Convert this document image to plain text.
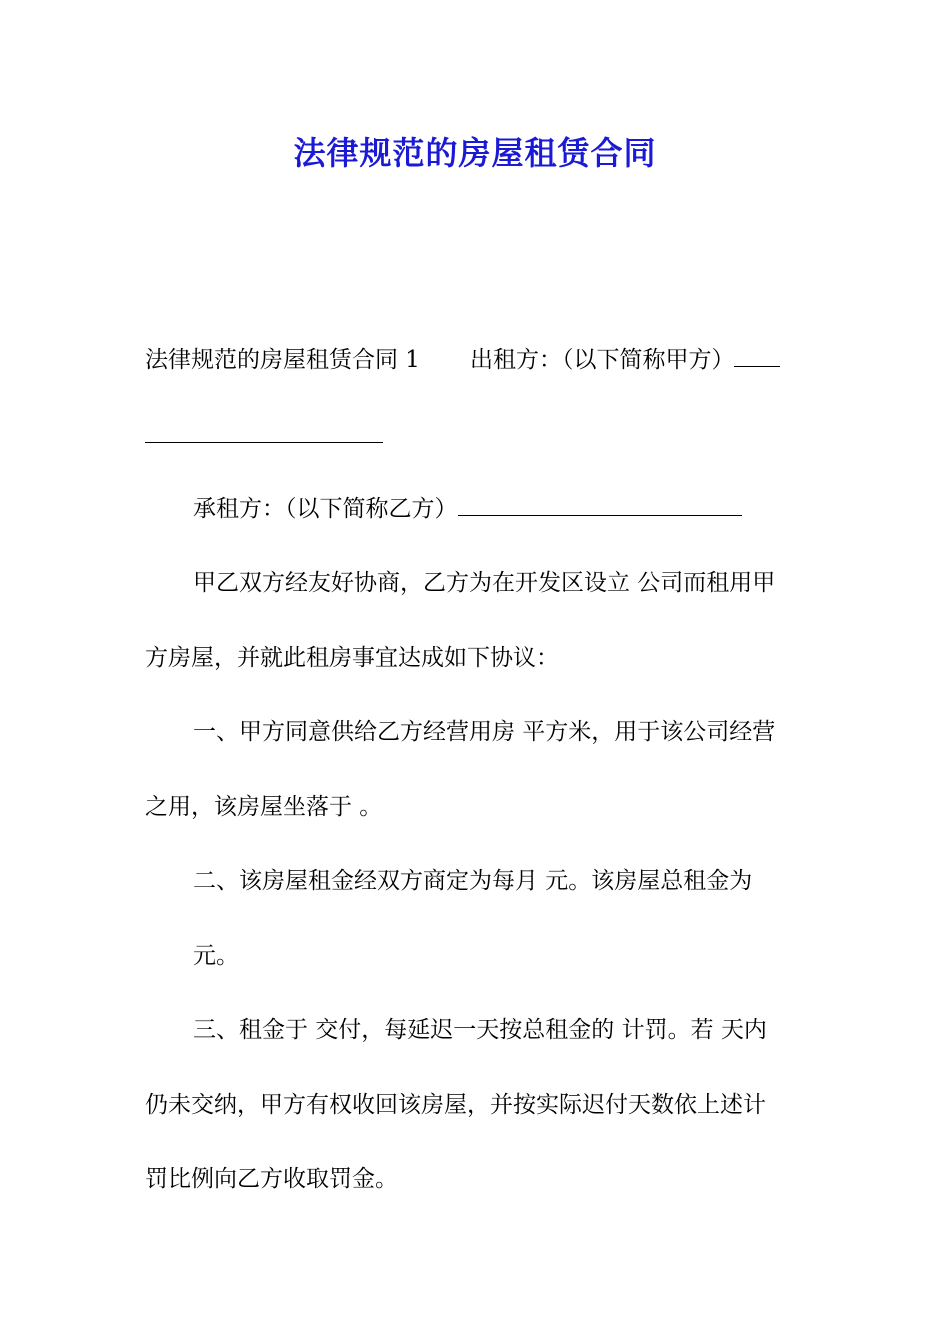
法律规范的房屋租赁合同
法律规范的房屋租赁合同 1 出租方：（以下简称甲方）
承租方：（以下简称乙方）
甲乙双方经友好协商，乙方为在开发区设立 公司而租用甲
方房屋，并就此租房事宜达成如下协议：
一、甲方同意供给乙方经营用房 平方米，用于该公司经营
之用，该房屋坐落于 。
二、该房屋租金经双方商定为每月 元。该房屋总租金为
元。
三、租金于 交付，每延迟一天按总租金的 计罚。若 天内
仍未交纳，甲方有权收回该房屋，并按实际迟付天数依上述计
罚比例向乙方收取罚金。
